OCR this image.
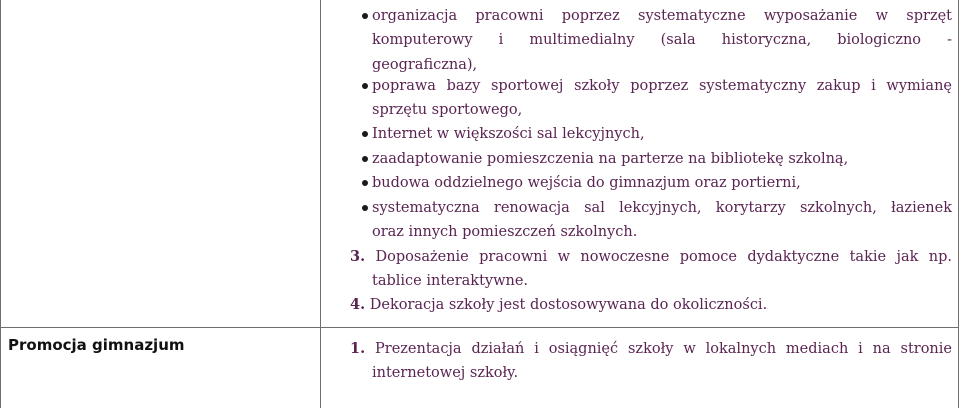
organizacja pracowni poprzez systematyczne wyposażanie w sprzęt
komputerowy i multimedialny (sala historyczna, biologiczno -
geograficzna),
poprawa bazy sportowej szkoły poprzez systematyczny zakup i wymianę
sprzętu sportowego,
Internet w większości sal lekcyjnych,
zaadaptowanie pomieszczenia na parterze na bibliotekę szkolną,
budowa oddzielnego wejścia do gimnazjum oraz portierni,
systematyczna renowacja sal lekcyjnych, korytarzy szkolnych, łazienek
oraz innych pomieszczeń szkolnych.
3. Doposażenie pracowni w nowoczesne pomoce dydaktyczne takie jak np.
tablice interaktywne.
4. Dekoracja szkoły jest dostosowywana do okoliczności.
Promocja gimnazjum	1. Prezentacja działań i osiągnięć szkoły w lokalnych mediach i na stronie
internetowej szkoły.
